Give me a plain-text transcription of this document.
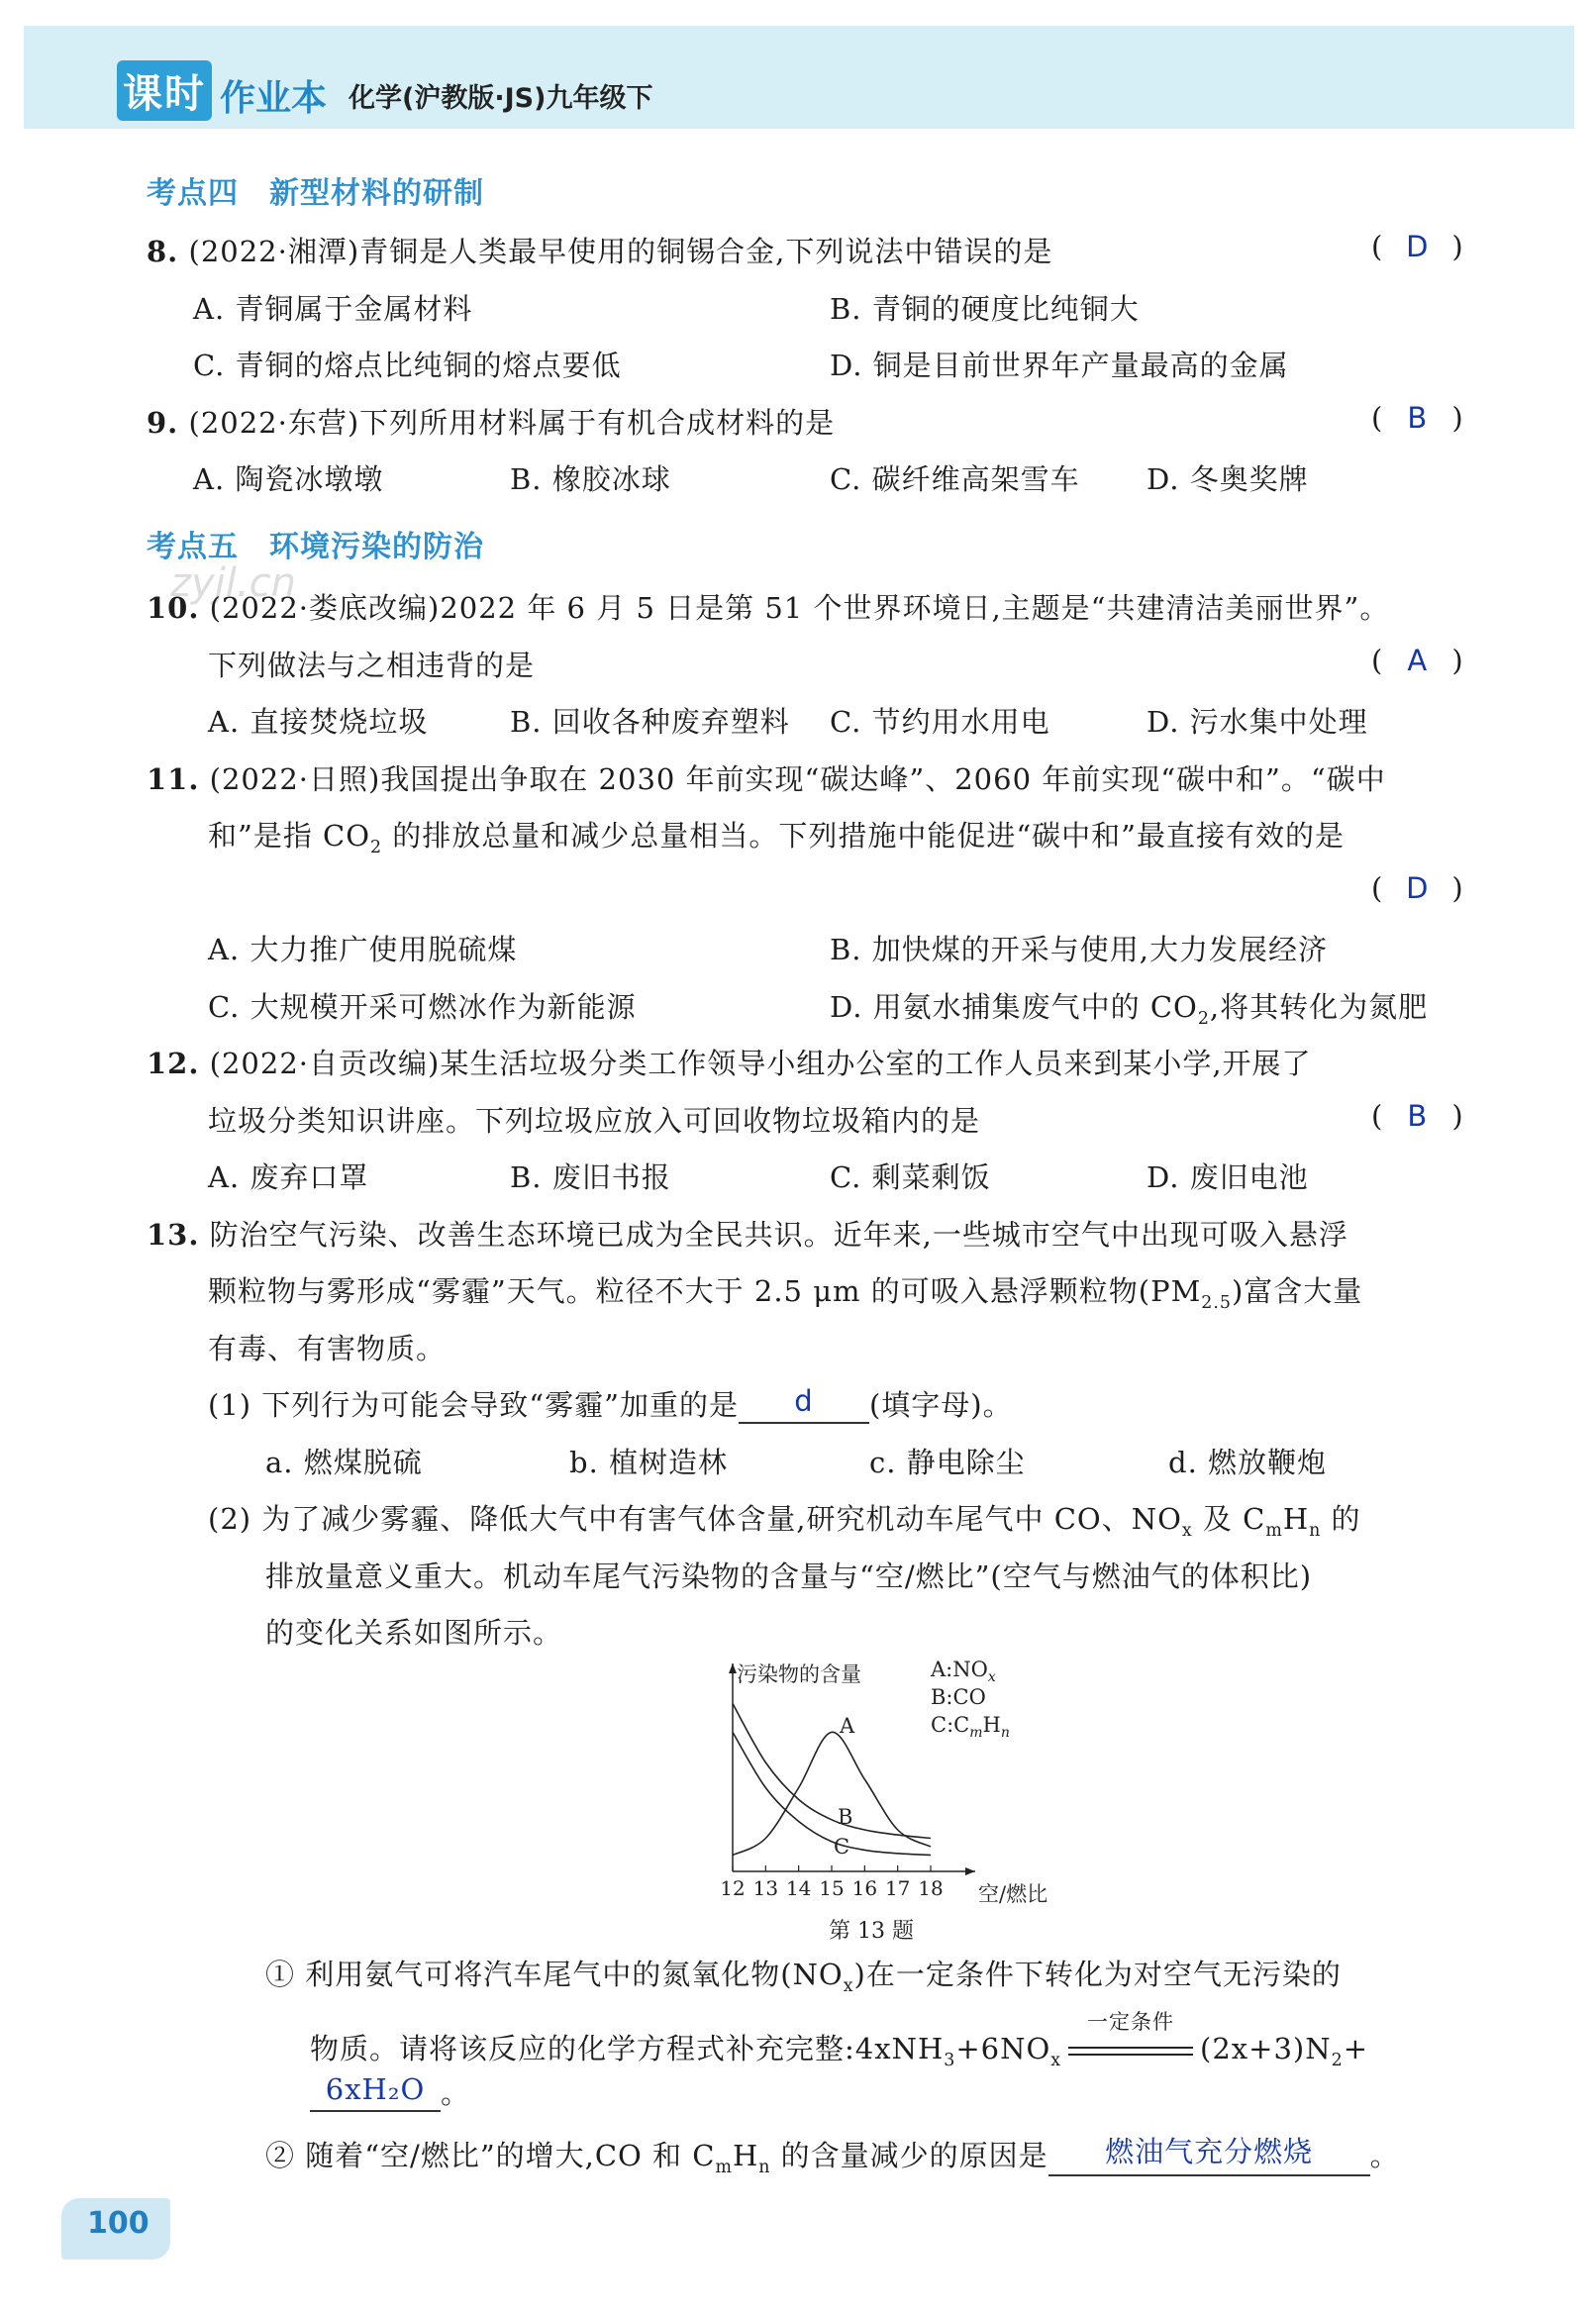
课时 作业本 化学(沪教版·JS)九年级下
考点四　新型材料的研制
8. (2022·湘潭)青铜是人类最早使用的铜锡合金,下列说法中错误的是	( D )
A. 青铜属于金属材料	B. 青铜的硬度比纯铜大
C. 青铜的熔点比纯铜的熔点要低	D. 铜是目前世界年产量最高的金属
9. (2022·东营)下列所用材料属于有机合成材料的是	( B )
A. 陶瓷冰墩墩	B. 橡胶冰球	C. 碳纤维高架雪车 D. 冬奥奖牌
考点五　环境污染的防治
zyjl.cn
10. (2022·娄底改编)2022 年 6 月 5 日是第 51 个世界环境日,主题是“共建清洁美丽世界”。
下列做法与之相违背的是	( A )
A. 直接焚烧垃圾	B. 回收各种废弃塑料 C. 节约用水用电	D. 污水集中处理
11. (2022·日照)我国提出争取在 2030 年前实现“碳达峰”、2060 年前实现“碳中和”。“碳中
和”是指 $CO_2$ 的排放总量和减少总量相当。下列措施中能促进“碳中和”最直接有效的是
( D )
A. 大力推广使用脱硫煤	B. 加快煤的开采与使用,大力发展经济
C. 大规模开采可燃冰作为新能源	D. 用氨水捕集废气中的 $CO_2$,将其转化为氮肥
12. (2022·自贡改编)某生活垃圾分类工作领导小组办公室的工作人员来到某小学,开展了
垃圾分类知识讲座。下列垃圾应放入可回收物垃圾箱内的是	( B )
A. 废弃口罩	B. 废旧书报	C. 剩菜剩饭	D. 废旧电池
13. 防治空气污染、改善生态环境已成为全民共识。近年来,一些城市空气中出现可吸入悬浮
颗粒物与雾形成“雾霾”天气。粒径不大于 2.5 μm 的可吸入悬浮颗粒物$(PM_{2.5})$富含大量
有毒、有害物质。
(1) 下列行为可能会导致“雾霾”加重的是 d (填字母)。
a. 燃煤脱硫	b. 植树造林	c. 静电除尘	d. 燃放鞭炮
(2) 为了减少雾霾、降低大气中有害气体含量,研究机动车尾气中 CO、$NO_x$ 及 $C_mH_n$ 的
排放量意义重大。机动车尾气污染物的含量与“空/燃比”(空气与燃油气的体积比)
的变化关系如图所示。
12 13 14 15 16 17 18
污染物的含量
空/燃比
A
B
C
$A:NO_x$
B:CO
$C:C_mH_n$
第 13 题
① 利用氨气可将汽车尾气中的氮氧化物$(NO_x)$在一定条件下转化为对空气无污染的
物质。请将该反应的化学方程式补充完整$:4xNH_3+6NO_x$
一定条件
$(2x+3)N_2+$
6xH₂O 。
② 随着“空/燃比”的增大,CO 和 $C_mH_n$ 的含量减少的原因是 燃油气充分燃烧 。
100
